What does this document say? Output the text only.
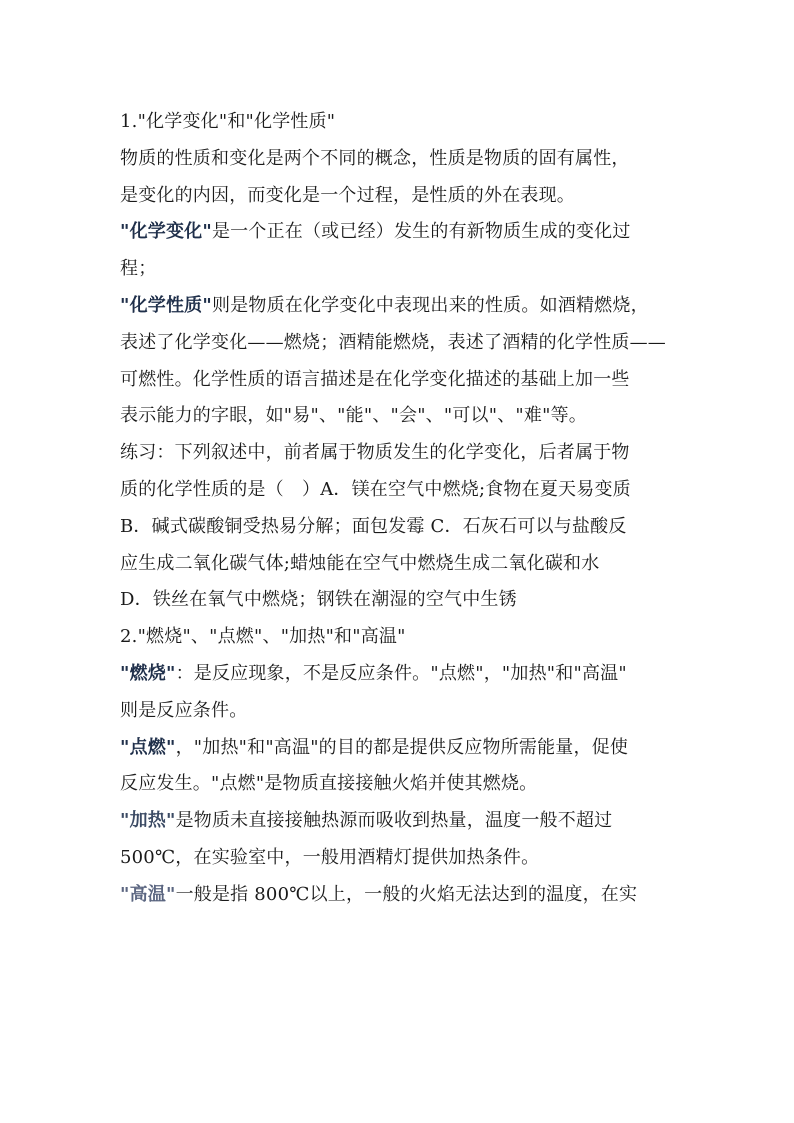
1."化学变化"和"化学性质"
物质的性质和变化是两个不同的概念，性质是物质的固有属性，
是变化的内因，而变化是一个过程，是性质的外在表现。
"化学变化"是一个正在（或已经）发生的有新物质生成的变化过
程；
"化学性质"则是物质在化学变化中表现出来的性质。如酒精燃烧，
表述了化学变化——燃烧；酒精能燃烧，表述了酒精的化学性质——
可燃性。化学性质的语言描述是在化学变化描述的基础上加一些
表示能力的字眼，如"易"、"能"、"会"、"可以"、"难"等。
练习：下列叙述中，前者属于物质发生的化学变化，后者属于物
质的化学性质的是（　）A．镁在空气中燃烧;食物在夏天易变质
B．碱式碳酸铜受热易分解；面包发霉 C．石灰石可以与盐酸反
应生成二氧化碳气体;蜡烛能在空气中燃烧生成二氧化碳和水
D．铁丝在氧气中燃烧；钢铁在潮湿的空气中生锈
2."燃烧"、"点燃"、"加热"和"高温"
"燃烧"：是反应现象，不是反应条件。"点燃"，"加热"和"高温"
则是反应条件。
"点燃"，"加热"和"高温"的目的都是提供反应物所需能量，促使
反应发生。"点燃"是物质直接接触火焰并使其燃烧。
"加热"是物质未直接接触热源而吸收到热量，温度一般不超过
500℃，在实验室中，一般用酒精灯提供加热条件。
"高温"一般是指 800℃以上，一般的火焰无法达到的温度，在实
